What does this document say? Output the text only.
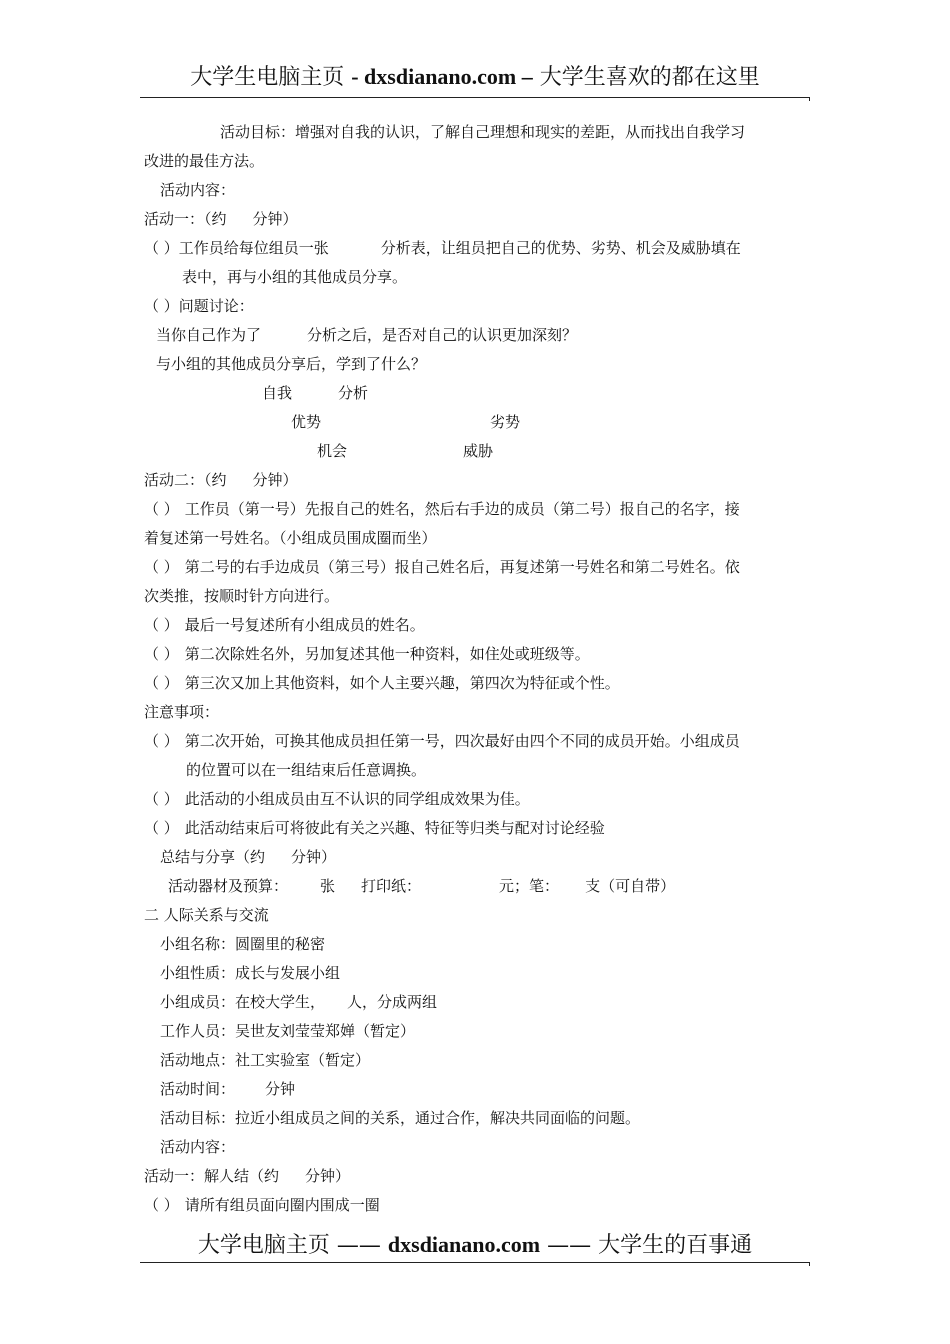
大学生电脑主页 - dxsdianano.com – 大学生喜欢的都在这里
活动目标：增强对自我的认识，了解自己理想和现实的差距，从而找出自我学习
改进的最佳方法。
活动内容：
活动一：（约 分钟）
（ ）工作员给每位组员一张	分析表，让组员把自己的优势、劣势、机会及威胁填在
表中，再与小组的其他成员分享。
（ ）问题讨论：
当你自己作为了	分析之后，是否对自己的认识更加深刻？
与小组的其他成员分享后，学到了什么？
自我	分析
优势	劣势
机会	威胁
活动二：（约 分钟）
（ ） 工作员（第一号）先报自己的姓名，然后右手边的成员（第二号）报自己的名字，接
着复述第一号姓名。（小组成员围成圈而坐）
（ ） 第二号的右手边成员（第三号）报自己姓名后，再复述第一号姓名和第二号姓名。依
次类推，按顺时针方向进行。
（ ） 最后一号复述所有小组成员的姓名。
（ ） 第二次除姓名外，另加复述其他一种资料，如住处或班级等。
（ ） 第三次又加上其他资料，如个人主要兴趣，第四次为特征或个性。
注意事项：
（ ） 第二次开始，可换其他成员担任第一号，四次最好由四个不同的成员开始。小组成员
的位置可以在一组结束后任意调换。
（ ） 此活动的小组成员由互不认识的同学组成效果为佳。
（ ） 此活动结束后可将彼此有关之兴趣、特征等归类与配对讨论经验
总结与分享（约 分钟）
活动器材及预算： 张 打印纸：	元；笔： 支（可自带）
二 人际关系与交流
小组名称：圆圈里的秘密
小组性质：成长与发展小组
小组成员：在校大学生， 人，分成两组
工作人员：吴世友刘莹莹郑婵（暂定）
活动地点：社工实验室（暂定）
活动时间： 分钟
活动目标：拉近小组成员之间的关系，通过合作，解决共同面临的问题。
活动内容：
活动一：解人结（约 分钟）
（ ） 请所有组员面向圈内围成一圈
大学电脑主页 —— dxsdianano.com —— 大学生的百事通
